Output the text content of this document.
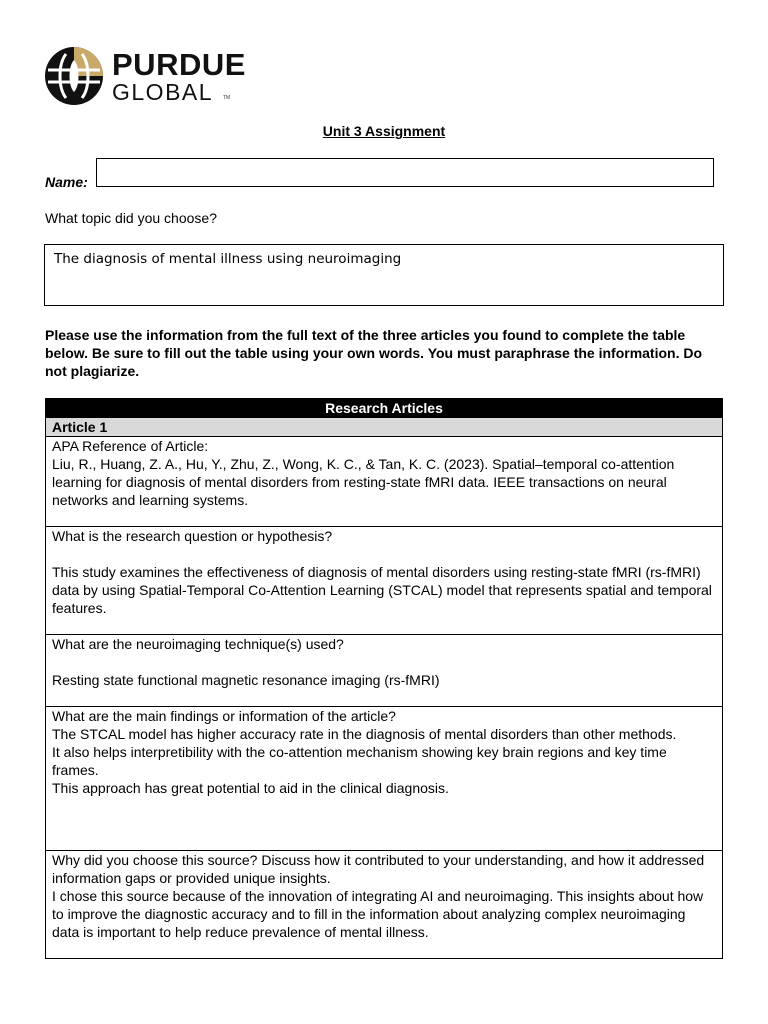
PURDUE
GLOBAL TM
Unit 3 Assignment
Name:
What topic did you choose?
The diagnosis of mental illness using neuroimaging
Please use the information from the full text of the three articles you found to complete the table below. Be sure to fill out the table using your own words. You must paraphrase the information. Do not plagiarize.
Research Articles
Article 1

APA Reference of Article:

Liu, R., Huang, Z. A., Hu, Y., Zhu, Z., Wong, K. C., & Tan, K. C. (2023). Spatial–temporal co-attention learning for diagnosis of mental disorders from resting-state fMRI data. IEEE transactions on neural networks and learning systems.

What is the research question or hypothesis?

This study examines the effectiveness of diagnosis of mental disorders using resting-state fMRI (rs-fMRI) data by using Spatial-Temporal Co-Attention Learning (STCAL) model that represents spatial and temporal features.

What are the neuroimaging technique(s) used?

Resting state functional magnetic resonance imaging (rs-fMRI)

What are the main findings or information of the article?

The STCAL model has higher accuracy rate in the diagnosis of mental disorders than other methods.

It also helps interpretibility with the co-attention mechanism showing key brain regions and key time frames.

This approach has great potential to aid in the clinical diagnosis.

Why did you choose this source? Discuss how it contributed to your understanding, and how it addressed information gaps or provided unique insights.

I chose this source because of the innovation of integrating AI and neuroimaging. This insights about how to improve the diagnostic accuracy and to fill in the information about analyzing complex neuroimaging data is important to help reduce prevalence of mental illness.
